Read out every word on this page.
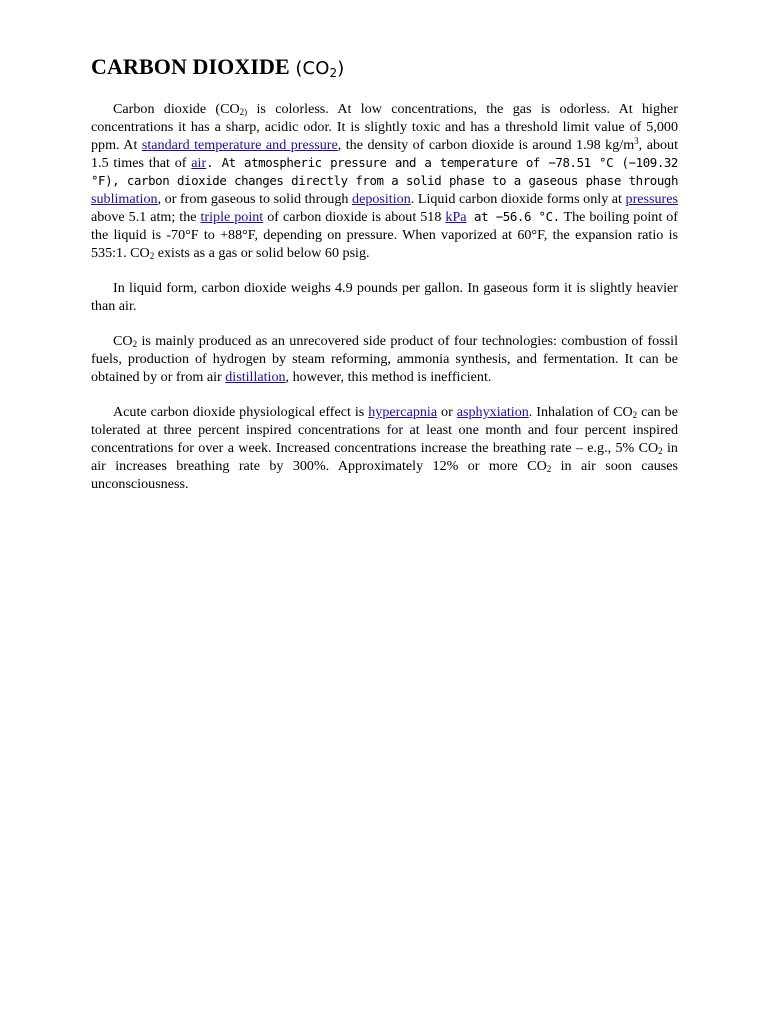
CARBON DIOXIDE $(CO_2)$

Carbon dioxide ($CO_{2)}$ is colorless. At low concentrations, the gas is odorless. At higher concentrations it has a sharp, acidic odor. It is slightly toxic and has a threshold limit value of 5,000 ppm. At standard temperature and pressure, the density of carbon dioxide is around 1.98 $kg/m^3$, about 1.5 times that of air. At atmospheric pressure and a temperature of −78.51 °C (−109.32 °F), carbon dioxide changes directly from a solid phase to a gaseous phase through sublimation, or from gaseous to solid through deposition. Liquid carbon dioxide forms only at pressures above 5.1 atm; the triple point of carbon dioxide is about 518 kPa at −56.6 °C. The boiling point of the liquid is -70°F to +88°F, depending on pressure. When vaporized at 60°F, the expansion ratio is 535:1. $CO_2$ exists as a gas or solid below 60 psig.

In liquid form, carbon dioxide weighs 4.9 pounds per gallon. In gaseous form it is slightly heavier than air.

$CO_2$ is mainly produced as an unrecovered side product of four technologies: combustion of fossil fuels, production of hydrogen by steam reforming, ammonia synthesis, and fermentation. It can be obtained by or from air distillation, however, this method is inefficient.

Acute carbon dioxide physiological effect is hypercapnia or asphyxiation. Inhalation of $CO_2$ can be tolerated at three percent inspired concentrations for at least one month and four percent inspired concentrations for over a week. Increased concentrations increase the breathing rate – e.g., 5% $CO_2$ in air increases breathing rate by 300%. Approximately 12% or more $CO_2$ in air soon causes unconsciousness.
